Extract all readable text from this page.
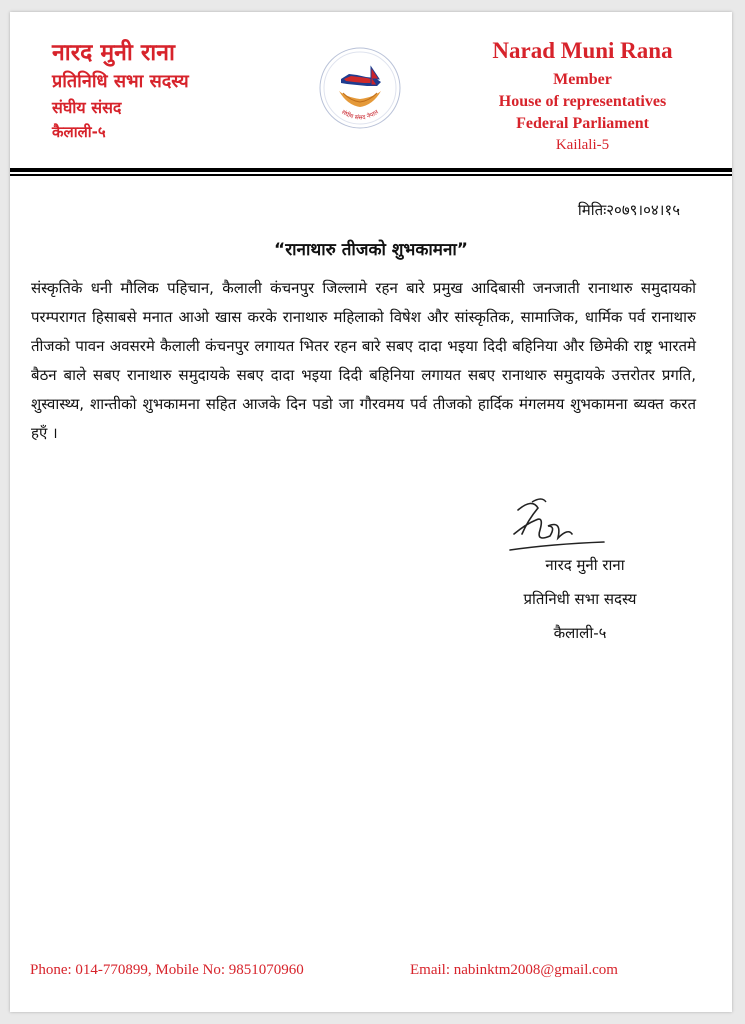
नारद मुनी राना
प्रतिनिधि सभा सदस्य
संघीय संसद
कैलाली-५
संघीय संसद नेपाल
Narad Muni Rana
Member
House of representatives
Federal Parliament
Kailali-5
मितिः२०७९।०४।१५
“रानाथारु तीजको शुभकामना”
संस्कृतिके धनी मौलिक पहिचान, कैलाली कंचनपुर जिल्लामे रहन बारे प्रमुख आदिबासी जनजाती रानाथारु समुदायको परम्परागत हिसाबसे मनात आओ खास करके रानाथारु महिलाको विषेश और सांस्कृतिक, सामाजिक, धार्मिक पर्व रानाथारु तीजको पावन अवसरमे कैलाली कंचनपुर लगायत भितर रहन बारे सबए दादा भइया दिदी बहिनिया और छिमेकी राष्ट्र भारतमे बैठन बाले सबए रानाथारु समुदायके सबए दादा भइया दिदी बहिनिया लगायत सबए रानाथारु समुदायके उत्तरोतर प्रगति, शुस्वास्थ्य, शान्तीको शुभकामना सहित आजके दिन पडो जा गौरवमय पर्व तीजको हार्दिक मंगलमय शुभकामना ब्यक्त करत हएँ ।
नारद मुनी राना
प्रतिनिधी सभा सदस्य
कैलाली-५
Phone: 014-770899, Mobile No: 9851070960	Email: nabinktm2008@gmail.com
